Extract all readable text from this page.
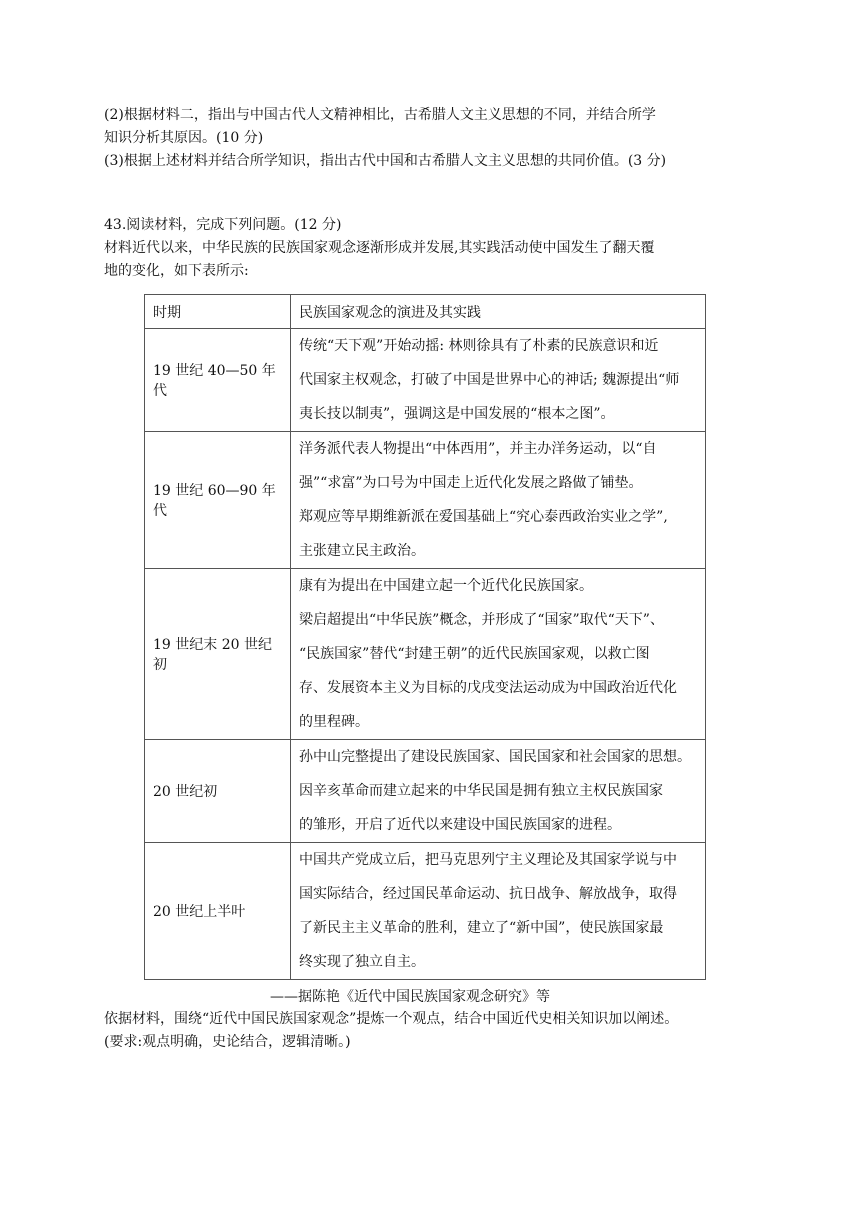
(2)根据材料二，指出与中国古代人文精神相比，古希腊人文主义思想的不同，并结合所学
知识分析其原因。(10 分)
(3)根据上述材料并结合所学知识，指出古代中国和古希腊人文主义思想的共同价值。(3 分)
43.阅读材料，完成下列问题。(12 分)
材料近代以来，中华民族的民族国家观念逐渐形成并发展,其实践活动使中国发生了翻天覆
地的变化，如下表所示:
时期	民族国家观念的演进及其实践
19 世纪 40—50 年代	传统“天下观”开始动摇: 林则徐具有了朴素的民族意识和近
代国家主权观念，打破了中国是世界中心的神话; 魏源提出“师
夷长技以制夷”，强调这是中国发展的“根本之图”。

19 世纪 60—90 年代	洋务派代表人物提出“中体西用”，并主办洋务运动，以“自
强”“求富”为口号为中国走上近代化发展之路做了铺垫。
郑观应等早期维新派在爱国基础上“究心泰西政治实业之学”,
主张建立民主政治。

19 世纪末 20 世纪初	康有为提出在中国建立起一个近代化民族国家。
梁启超提出“中华民族”概念，并形成了“国家”取代“天下”、
“民族国家”替代“封建王朝”的近代民族国家观，以救亡图
存、发展资本主义为目标的戊戌变法运动成为中国政治近代化
的里程碑。

20 世纪初	孙中山完整提出了建设民族国家、国民国家和社会国家的思想。
因辛亥革命而建立起来的中华民国是拥有独立主权民族国家
的雏形，开启了近代以来建设中国民族国家的进程。

20 世纪上半叶	中国共产党成立后，把马克思列宁主义理论及其国家学说与中
国实际结合，经过国民革命运动、抗日战争、解放战争，取得
了新民主主义革命的胜利，建立了“新中国”，使民族国家最
终实现了独立自主。
——据陈艳《近代中国民族国家观念研究》等
依据材料，围绕“近代中国民族国家观念”提炼一个观点，结合中国近代史相关知识加以阐述。
(要求:观点明确，史论结合，逻辑清晰。)
